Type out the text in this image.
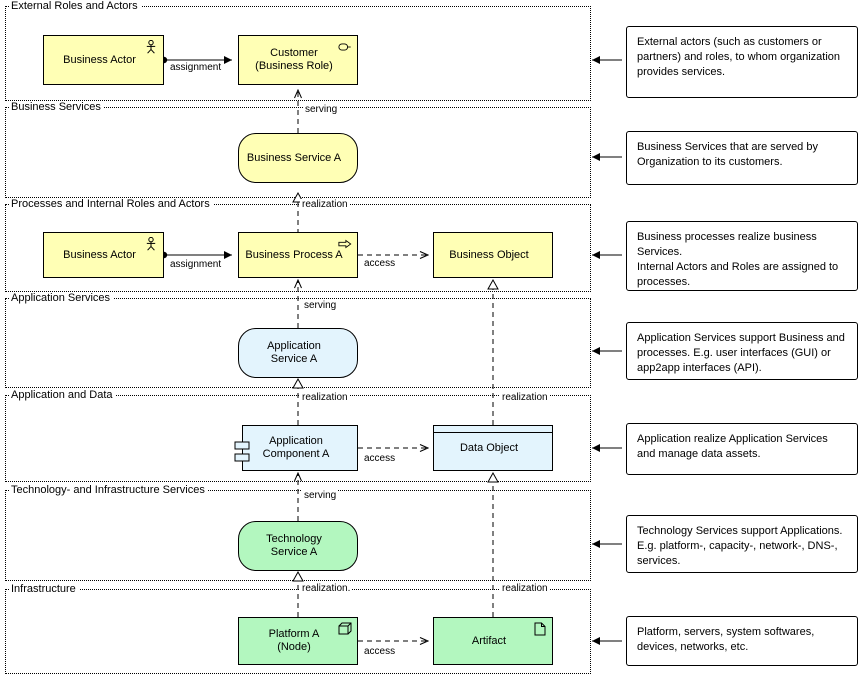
External Roles and Actors
Business Services
Processes and Internal Roles and Actors
Application Services
Application and Data
Technology- and Infrastructure Services
Infrastructure
Business Actor
Customer
(Business Role)
Business Service A
Business Actor	Business Process A	Business Object
Application
Service A
Application
Component A
Data Object
Technology
Service A
Platform A
(Node)
Artifact
assignment
serving
realization
assignment	access
serving
realization	realization
access
serving
realization.	realization
access
External actors (such as customers or partners) and roles, to whom organization provides services.
Business Services that are served by Organization to its customers.
Business processes realize business Services.
Internal Actors and Roles are assigned to processes.
Application Services support Business and processes. E.g. user interfaces (GUI) or app2app interfaces (API).
Application realize Application Services and manage data assets.
Technology Services support Applications. E.g. platform-, capacity-, network-, DNS-, services.
Platform, servers, system softwares, devices, networks, etc.
